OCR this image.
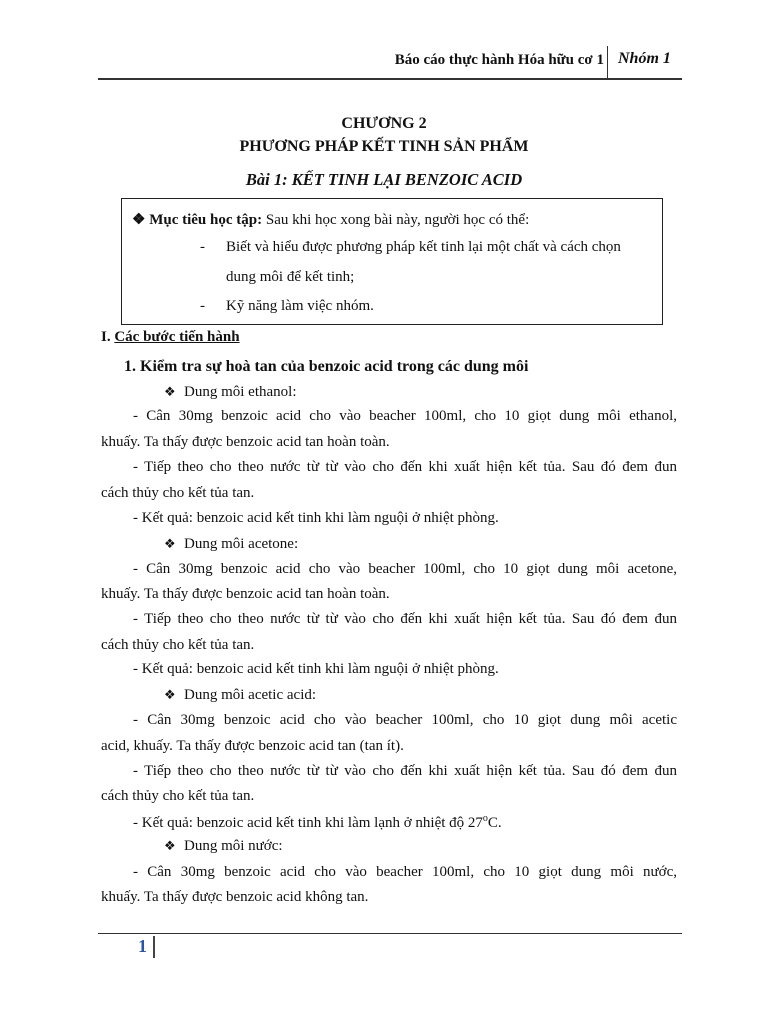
Báo cáo thực hành Hóa hữu cơ 1 Nhóm 1
CHƯƠNG 2
PHƯƠNG PHÁP KẾT TINH SẢN PHẨM
Bài 1: KẾT TINH LẠI BENZOIC ACID
❖ Mục tiêu học tập: Sau khi học xong bài này, người học có thể:
- Biết và hiểu được phương pháp kết tinh lại một chất và cách chọn
dung môi để kết tinh;
- Kỹ năng làm việc nhóm.
I. Các bước tiến hành
1. Kiểm tra sự hoà tan của benzoic acid trong các dung môi
❖ Dung môi ethanol:
- Cân 30mg benzoic acid cho vào beacher 100ml, cho 10 giọt dung môi ethanol,
khuấy. Ta thấy được benzoic acid tan hoàn toàn.
- Tiếp theo cho theo nước từ từ vào cho đến khi xuất hiện kết tủa. Sau đó đem đun
cách thủy cho kết tủa tan.
- Kết quả: benzoic acid kết tinh khi làm nguội ở nhiệt phòng.
❖ Dung môi acetone:
- Cân 30mg benzoic acid cho vào beacher 100ml, cho 10 giọt dung môi acetone,
khuấy. Ta thấy được benzoic acid tan hoàn toàn.
- Tiếp theo cho theo nước từ từ vào cho đến khi xuất hiện kết tủa. Sau đó đem đun
cách thủy cho kết tủa tan.
- Kết quả: benzoic acid kết tinh khi làm nguội ở nhiệt phòng.
❖ Dung môi acetic acid:
- Cân 30mg benzoic acid cho vào beacher 100ml, cho 10 giọt dung môi acetic
acid, khuấy. Ta thấy được benzoic acid tan (tan ít).
- Tiếp theo cho theo nước từ từ vào cho đến khi xuất hiện kết tủa. Sau đó đem đun
cách thủy cho kết tủa tan.
- Kết quả: benzoic acid kết tinh khi làm lạnh ở nhiệt độ 27$^o$C.
❖ Dung môi nước:
- Cân 30mg benzoic acid cho vào beacher 100ml, cho 10 giọt dung môi nước,
khuấy. Ta thấy được benzoic acid không tan.
1
